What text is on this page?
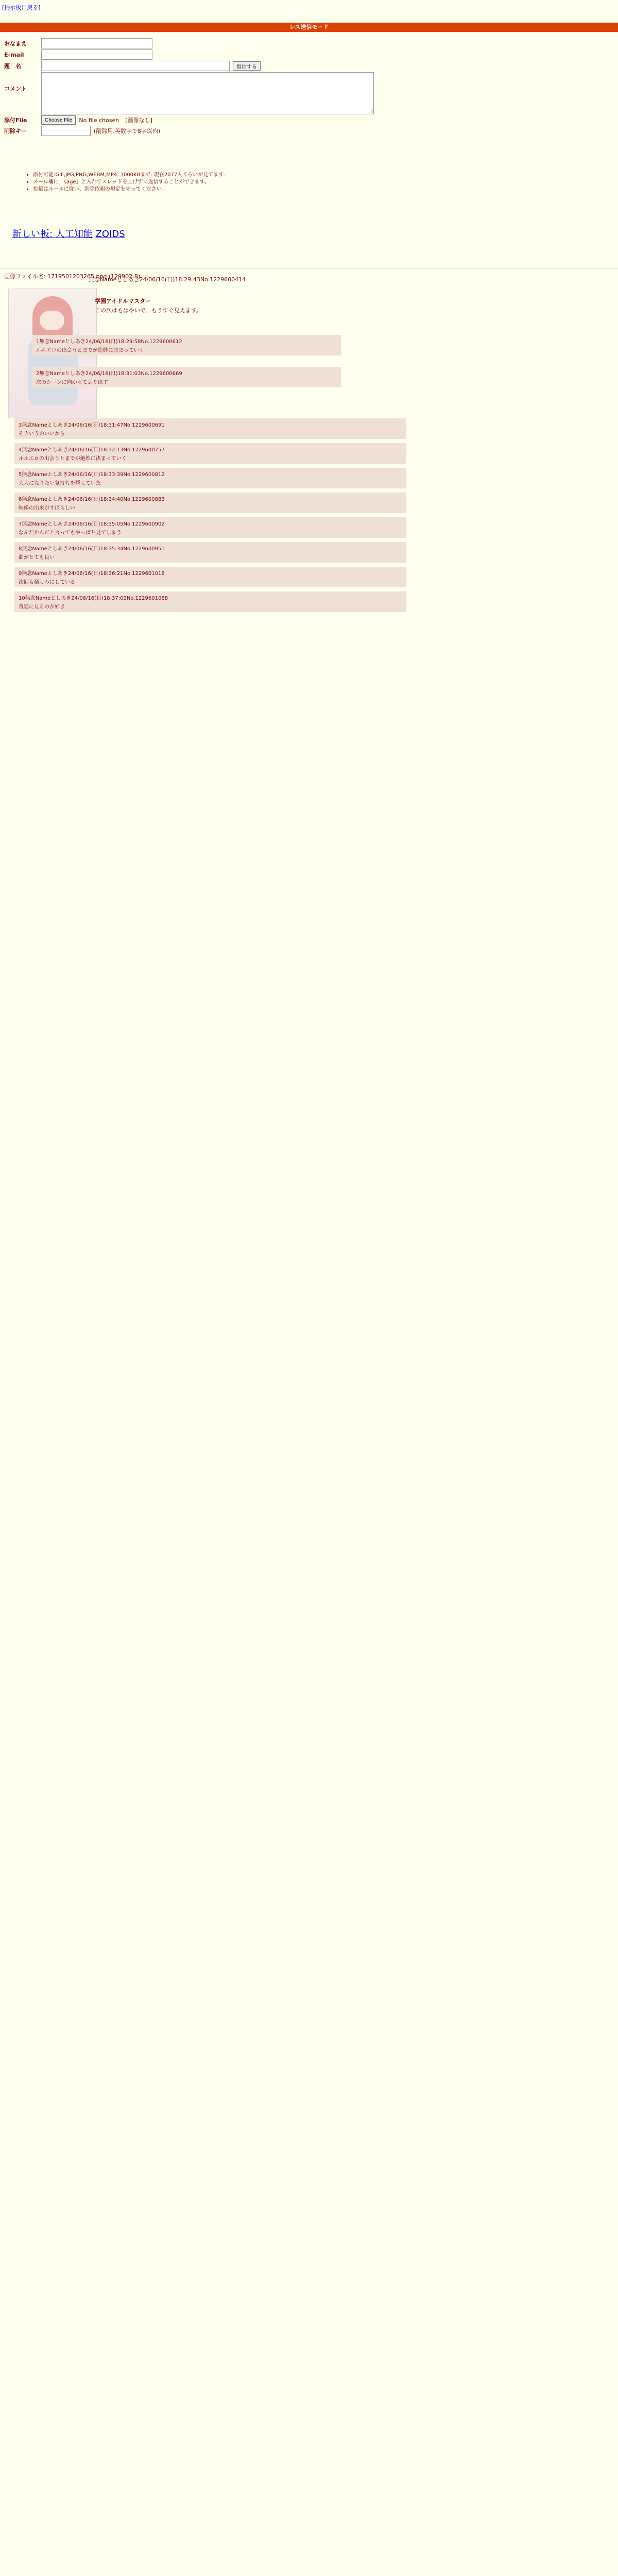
[掲示板に戻る]
レス送信モード
おなまえ
E-mail
題　名	返信する
コメント
添付File	Choose File	No file chosen [画像なし]
削除キー	(削除用.英数字で8字以内)
• 添付可能:GIF,JPG,PNG,WEBM,MP4. 3000KBまで. 現在2077人くらいが見てます.
• メール欄に「sage」と入れてスレッドを上げずに返信することができます。
• 投稿はルールに従い、削除依頼の規定を守ってください。
新しい板: 人工知能 ZOIDS
画像ファイル名: 1719501203265.png (129902 B)
無念Nameとしあき24/06/16(日)18:29:43No.1229600414
学園アイドルマスター
この次はもはやいで、もうすぐ見えます。
1無念Nameとしあき24/06/16(日)18:29:58No.1229600612
ルルエロの出会うとまでが絶妙に決まっていく
2無念Nameとしあき24/06/16(日)18:31:03No.1229600669
次のシーンに向かって走り出す
3無念Nameとしあき24/06/16(日)18:31:47No.1229600691
そういうのいいから
4無念Nameとしあき24/06/16(日)18:32:13No.1229600757
ルルエロの出会うとまでが絶妙に決まっていく
5無念Nameとしあき24/06/16(日)18:33:39No.1229600812
大人になりたい気持ちを隠していた
6無念Nameとしあき24/06/16(日)18:34:40No.1229600883
映像の出来がすばらしい
7無念Nameとしあき24/06/16(日)18:35:05No.1229600902
なんだかんだと言ってもやっぱり見てしまう
8無念Nameとしあき24/06/16(日)18:35:34No.1229600951
曲がとても良い
9無念Nameとしあき24/06/16(日)18:36:21No.1229601018
次回も楽しみにしている
10無念Nameとしあき24/06/16(日)18:37:02No.1229601088
普通に見るのが好き
